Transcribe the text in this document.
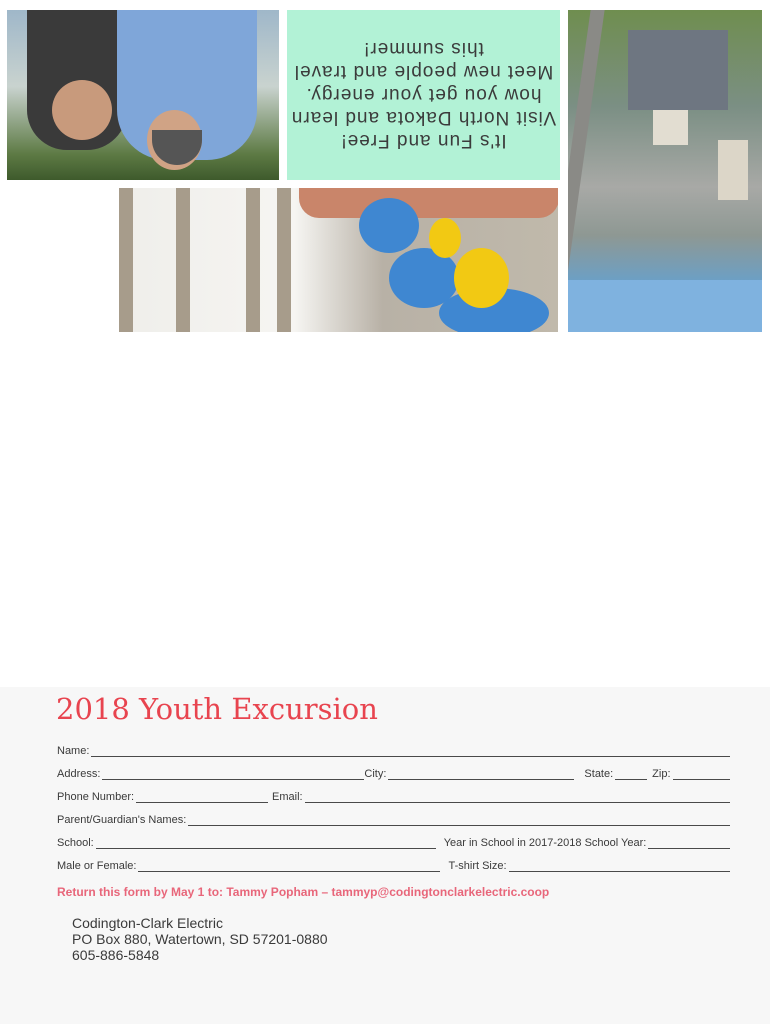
It's Fun and Free!
Visit North Dakota and learn
how you get your energy.
Meet new people and travel
this summer!
2018 Youth Excursion
Name:
Address:	City:	State:	Zip:
Phone Number:	Email:
Parent/Guardian's Names:
School:	Year in School in 2017-2018 School Year:
Male or Female:	T-shirt Size:
Return this form by May 1 to: Tammy Popham – tammyp@codingtonclarkelectric.coop
Codington-Clark Electric
PO Box 880, Watertown, SD 57201-0880
605-886-5848
